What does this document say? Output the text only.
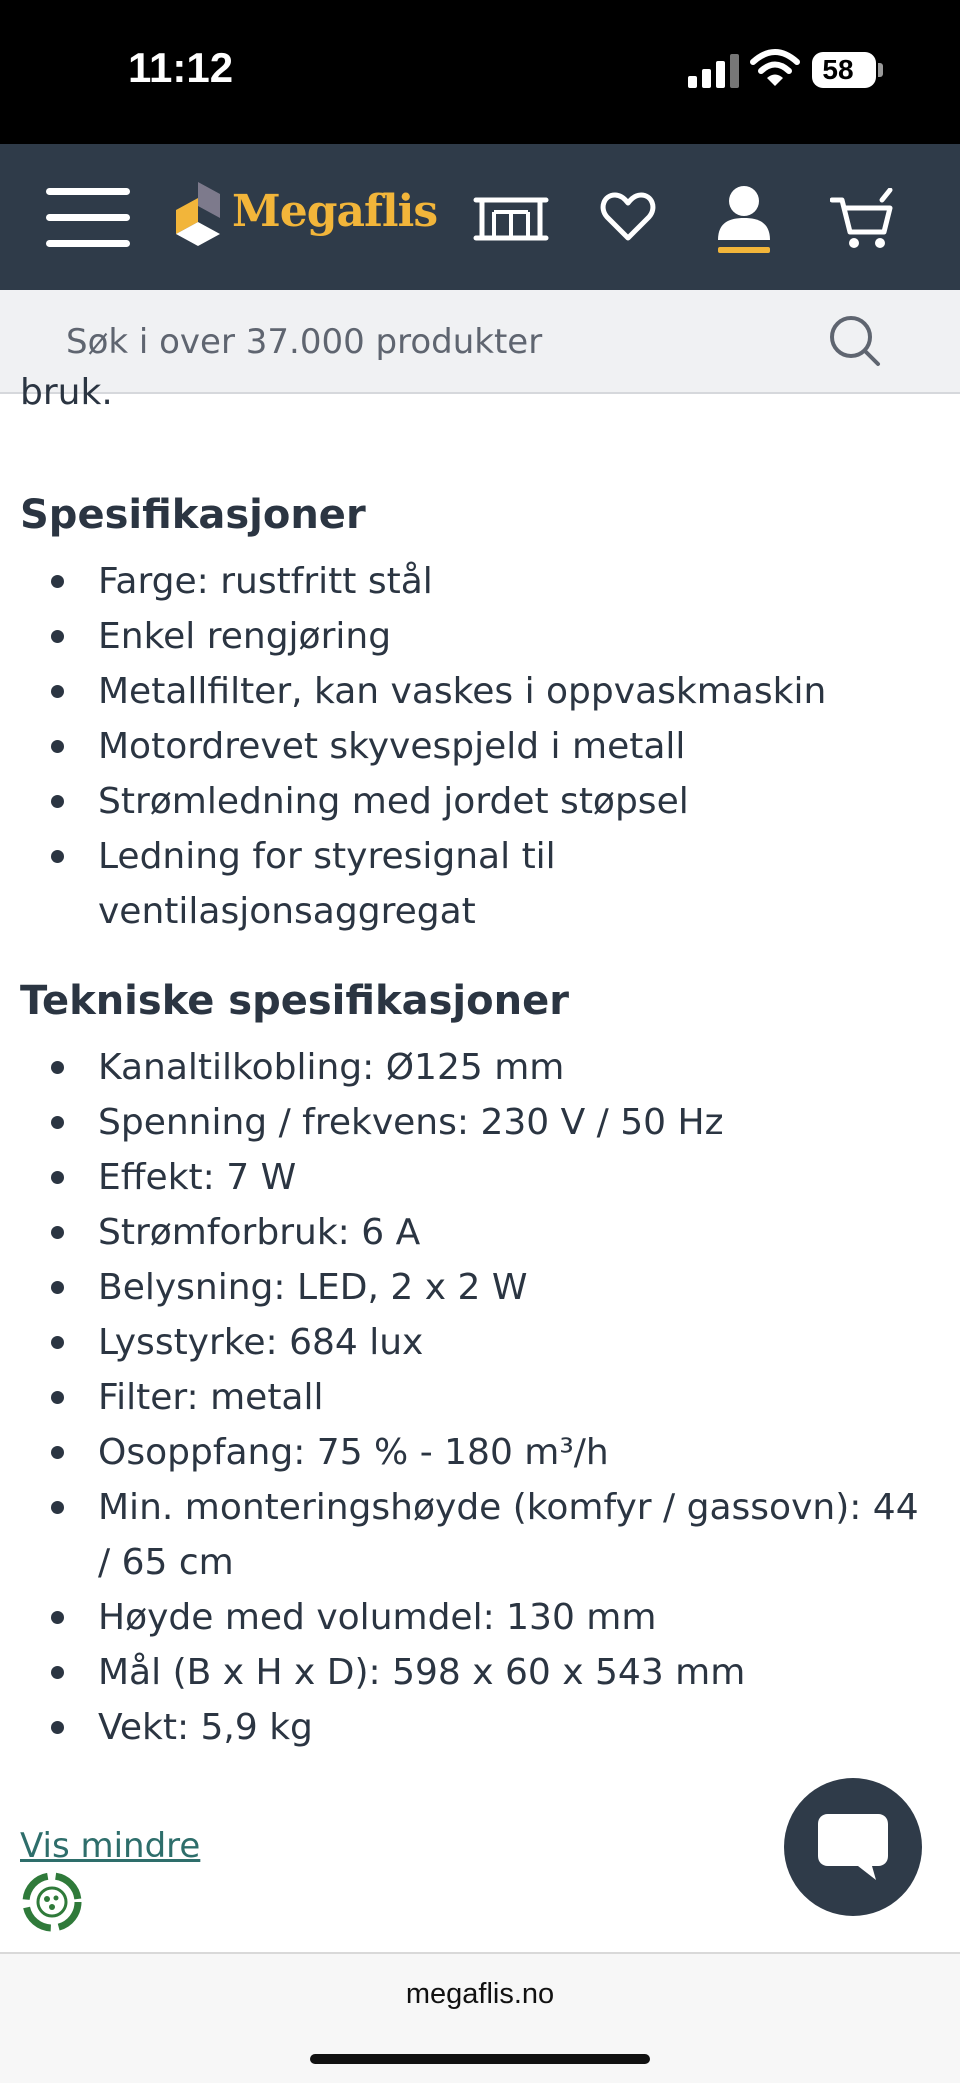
11:12	58
Megaflis
Søk i over 37.000 produkter
bruk.
Spesifikasjoner
Farge: rustfritt stål
Enkel rengjøring
Metallfilter, kan vaskes i oppvaskmaskin
Motordrevet skyvespjeld i metall
Strømledning med jordet støpsel
Ledning for styresignal til ventilasjonsaggregat
Tekniske spesifikasjoner
Kanaltilkobling: Ø125 mm
Spenning / frekvens: 230 V / 50 Hz
Effekt: 7 W
Strømforbruk: 6 A
Belysning: LED, 2 x 2 W
Lysstyrke: 684 lux
Filter: metall
Osoppfang: 75 % - 180 m³/h
Min. monteringshøyde (komfyr / gassovn): 44 / 65 cm
Høyde med volumdel: 130 mm
Mål (B x H x D): 598 x 60 x 543 mm
Vekt: 5,9 kg
Vis mindre
megaflis.no
